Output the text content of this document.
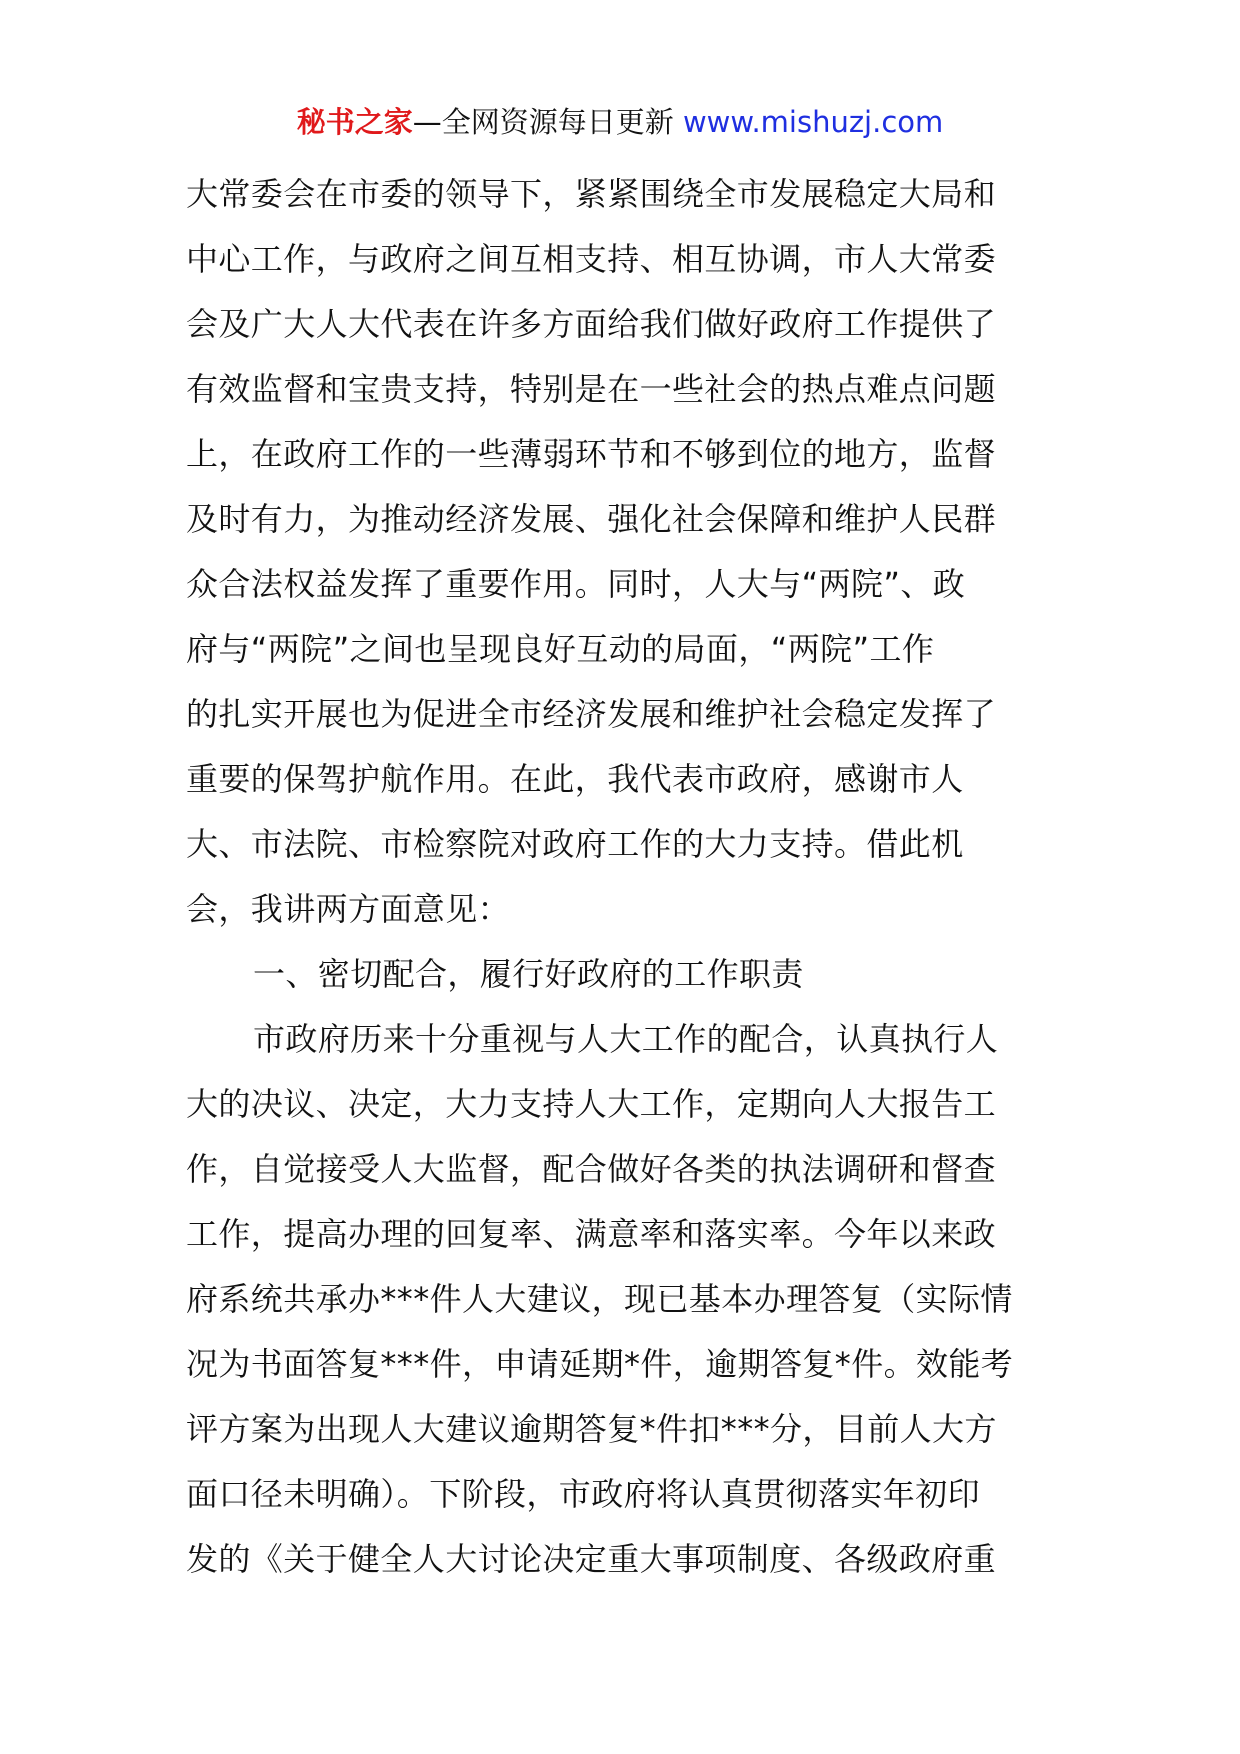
秘书之家—全网资源每日更新 www.mishuzj.com
大常委会在市委的领导下，紧紧围绕全市发展稳定大局和
中心工作，与政府之间互相支持、相互协调，市人大常委
会及广大人大代表在许多方面给我们做好政府工作提供了
有效监督和宝贵支持，特别是在一些社会的热点难点问题
上，在政府工作的一些薄弱环节和不够到位的地方，监督
及时有力，为推动经济发展、强化社会保障和维护人民群
众合法权益发挥了重要作用。同时，人大与“两院”、政
府与“两院”之间也呈现良好互动的局面，“两院”工作
的扎实开展也为促进全市经济发展和维护社会稳定发挥了
重要的保驾护航作用。在此，我代表市政府，感谢市人
大、市法院、市检察院对政府工作的大力支持。借此机
会，我讲两方面意见：
一、密切配合，履行好政府的工作职责
市政府历来十分重视与人大工作的配合，认真执行人
大的决议、决定，大力支持人大工作，定期向人大报告工
作，自觉接受人大监督，配合做好各类的执法调研和督查
工作，提高办理的回复率、满意率和落实率。今年以来政
府系统共承办***件人大建议，现已基本办理答复（实际情
况为书面答复***件，申请延期*件，逾期答复*件。效能考
评方案为出现人大建议逾期答复*件扣***分，目前人大方
面口径未明确）。下阶段，市政府将认真贯彻落实年初印
发的《关于健全人大讨论决定重大事项制度、各级政府重
